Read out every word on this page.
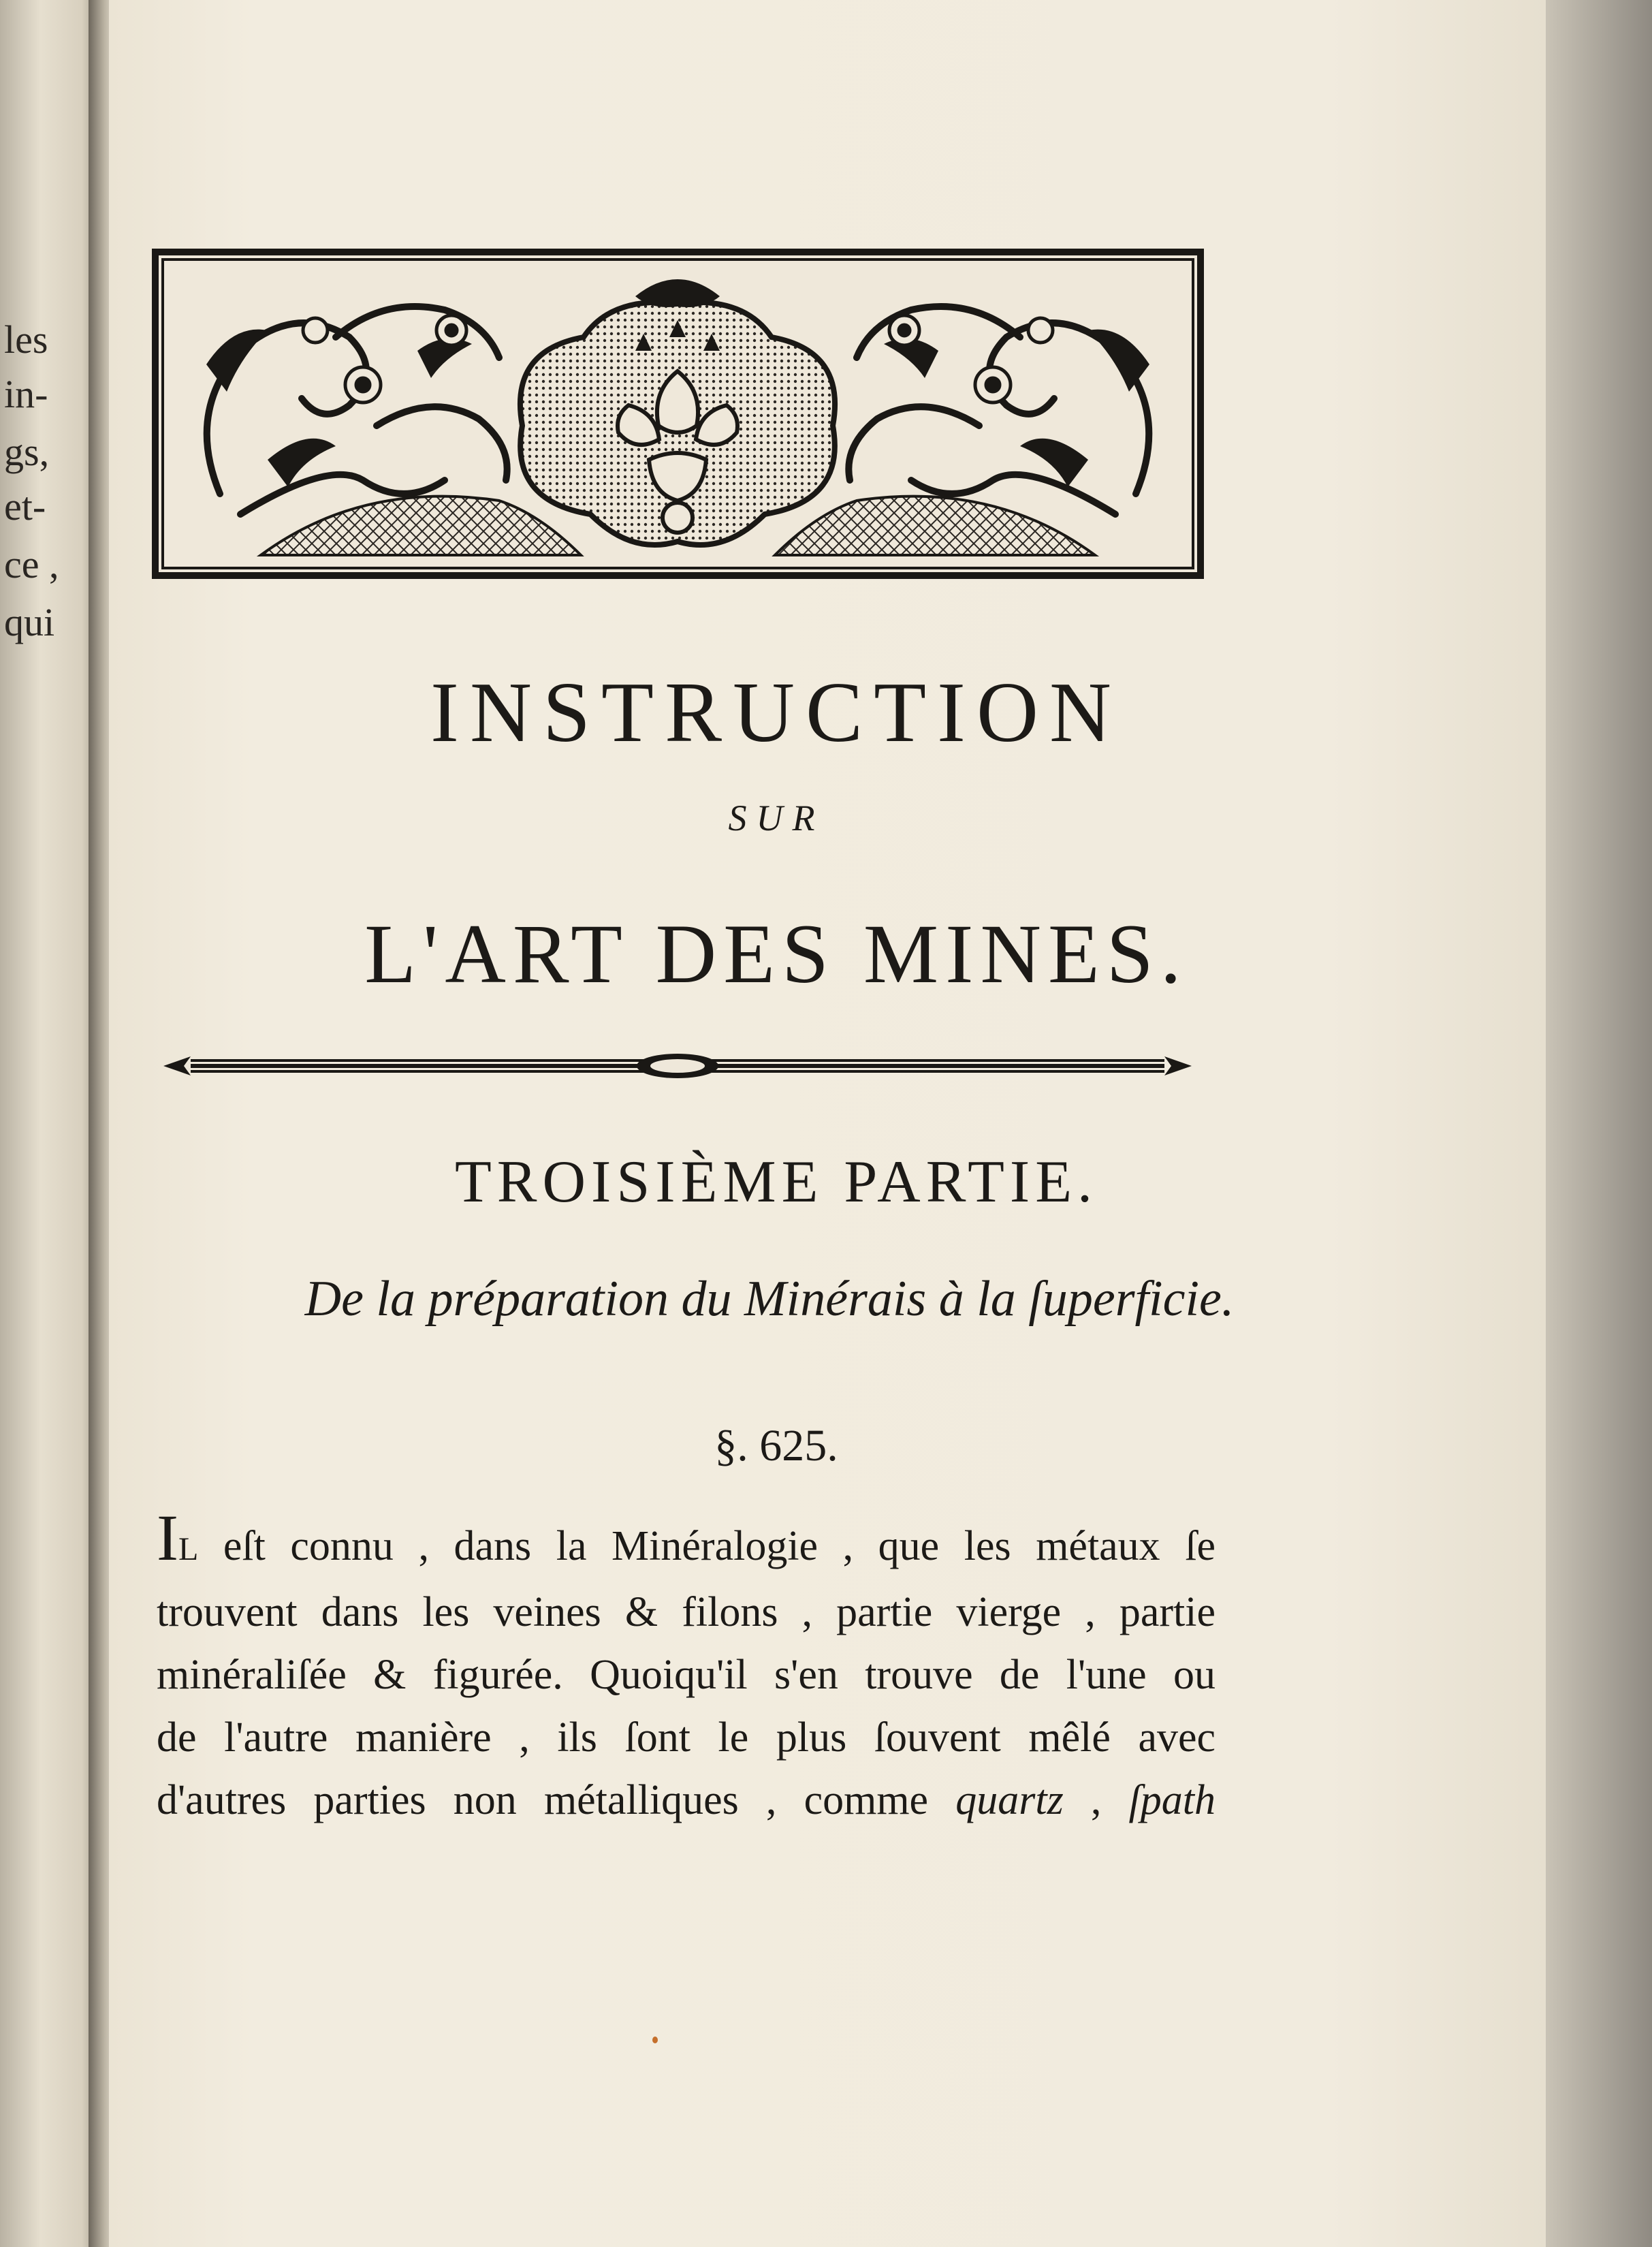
les
in-
gs,
et-
ce ,
qui
INSTRUCTION
SUR
L'ART DES MINES.
TROISIÈME PARTIE.
De la préparation du Minérais à la ſuperficie.
§. 625.
IL eſt connu , dans la Minéralogie , que les métaux ſe
trouvent dans les veines & filons , partie vierge , partie
minéraliſée & figurée. Quoiqu'il s'en trouve de l'une ou
de l'autre manière , ils ſont le plus ſouvent mêlé avec
d'autres parties non métalliques , comme quartz , ſpath
